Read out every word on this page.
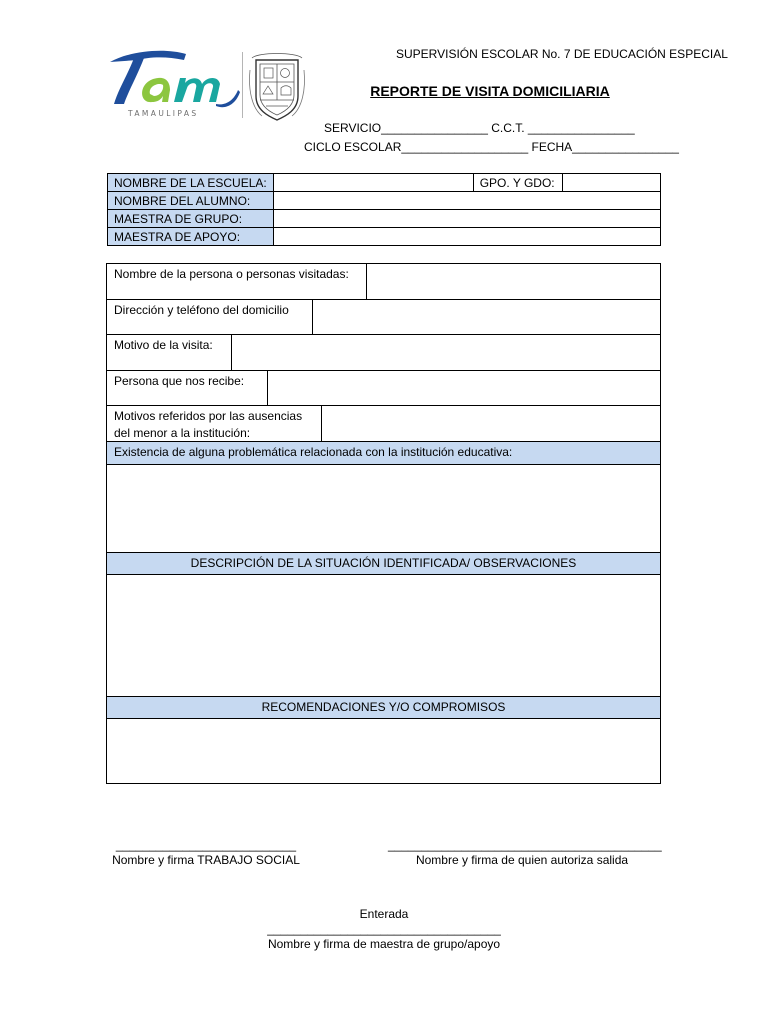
TAMAULIPAS
SUPERVISIÓN ESCOLAR No. 7 DE EDUCACIÓN ESPECIAL
REPORTE DE VISITA DOMICILIARIA
SERVICIO________________ C.C.T. ________________
CICLO ESCOLAR___________________ FECHA________________
NOMBRE DE LA ESCUELA:		GPO. Y GDO:	
NOMBRE DEL ALUMNO:			
MAESTRA DE GRUPO:			
MAESTRA DE APOYO:			
Nombre de la persona o personas visitadas:
Dirección y teléfono del domicilio
Motivo de la visita:
Persona que nos recibe:
Motivos referidos por las ausencias
del menor a la institución:
Existencia de alguna problemática relacionada con la institución educativa:
DESCRIPCIÓN DE LA SITUACIÓN IDENTIFICADA/ OBSERVACIONES
RECOMENDACIONES Y/O COMPROMISOS
___________________________
Nombre y firma TRABAJO SOCIAL
_________________________________________
Nombre y firma de quien autoriza salida
Enterada
___________________________________
Nombre y firma de maestra de grupo/apoyo
